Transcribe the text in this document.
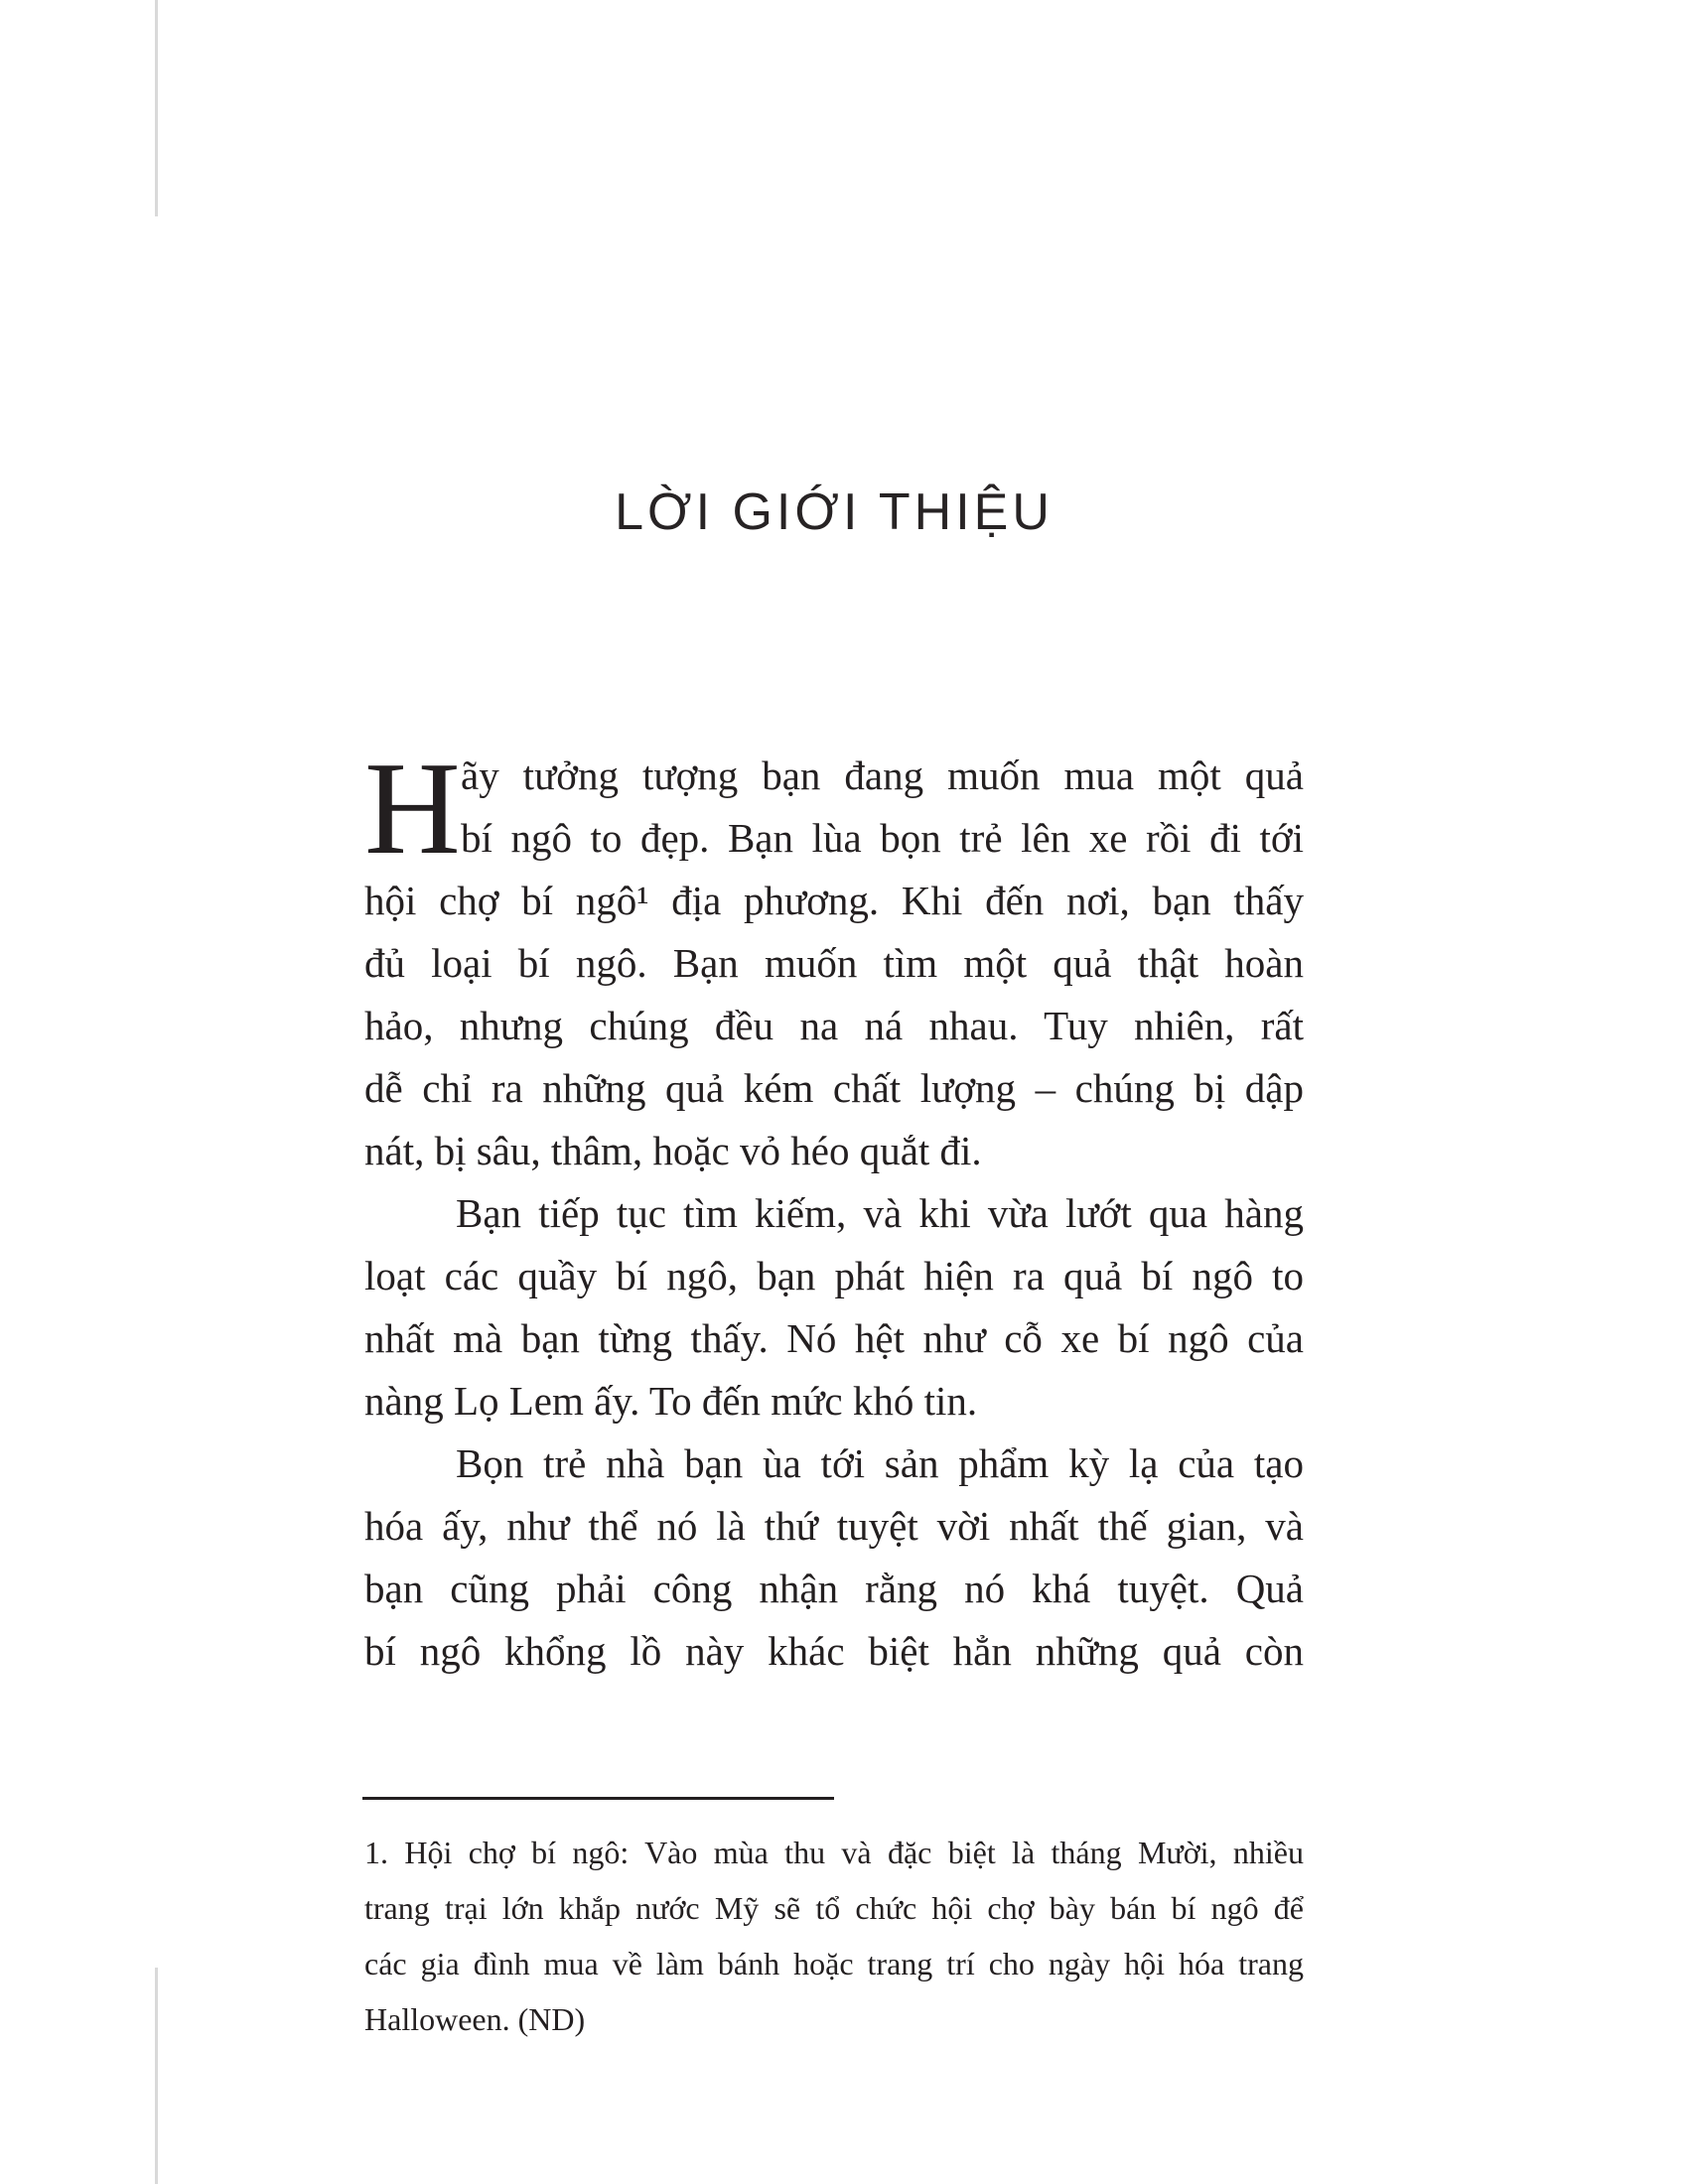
LỜI GIỚI THIỆU
H ãy tưởng tượng bạn đang muốn mua một quả
bí ngô to đẹp. Bạn lùa bọn trẻ lên xe rồi đi tới
hội chợ bí ngô¹ địa phương. Khi đến nơi, bạn thấy
đủ loại bí ngô. Bạn muốn tìm một quả thật hoàn
hảo, nhưng chúng đều na ná nhau. Tuy nhiên, rất
dễ chỉ ra những quả kém chất lượng – chúng bị dập
nát, bị sâu, thâm, hoặc vỏ héo quắt đi.
Bạn tiếp tục tìm kiếm, và khi vừa lướt qua hàng
loạt các quầy bí ngô, bạn phát hiện ra quả bí ngô to
nhất mà bạn từng thấy. Nó hệt như cỗ xe bí ngô của
nàng Lọ Lem ấy. To đến mức khó tin.
Bọn trẻ nhà bạn ùa tới sản phẩm kỳ lạ của tạo
hóa ấy, như thể nó là thứ tuyệt vời nhất thế gian, và
bạn cũng phải công nhận rằng nó khá tuyệt. Quả
bí ngô khổng lồ này khác biệt hẳn những quả còn
1. Hội chợ bí ngô: Vào mùa thu và đặc biệt là tháng Mười, nhiều
trang trại lớn khắp nước Mỹ sẽ tổ chức hội chợ bày bán bí ngô để
các gia đình mua về làm bánh hoặc trang trí cho ngày hội hóa trang
Halloween. (ND)
